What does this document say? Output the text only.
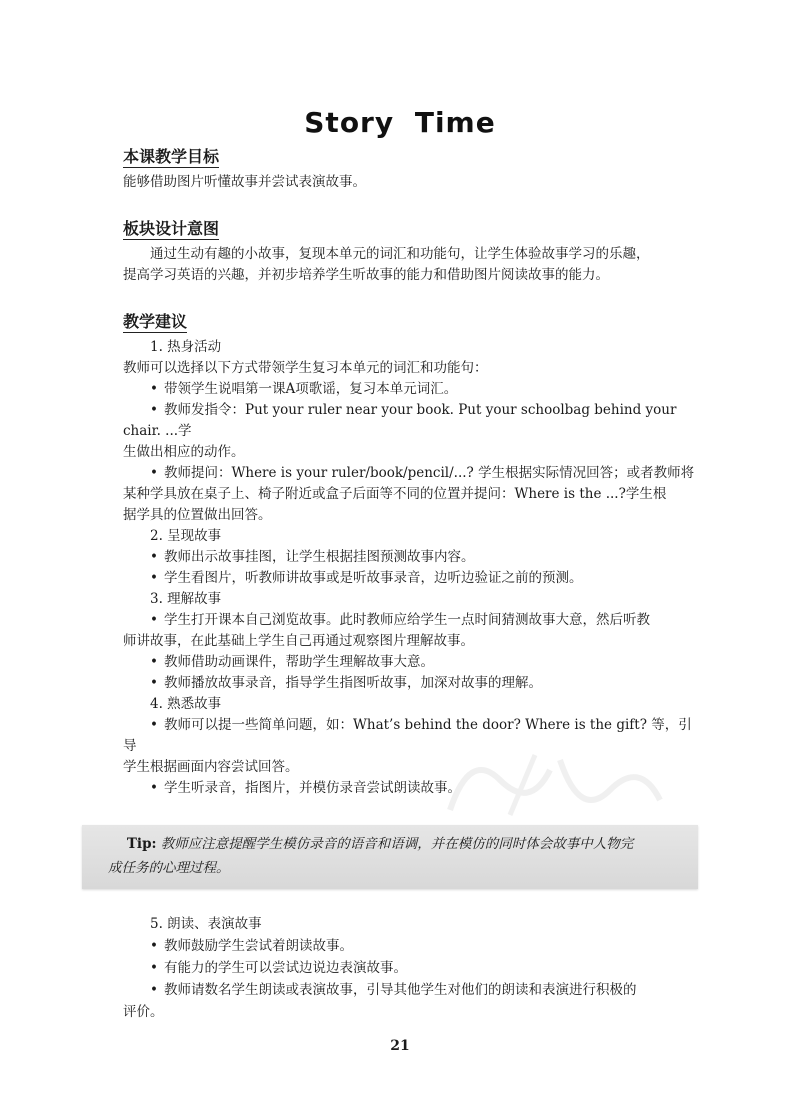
Story Time
本课教学目标

能够借助图片听懂故事并尝试表演故事。

板块设计意图

通过生动有趣的小故事，复现本单元的词汇和功能句，让学生体验故事学习的乐趣，

提高学习英语的兴趣，并初步培养学生听故事的能力和借助图片阅读故事的能力。

教学建议

1. 热身活动

教师可以选择以下方式带领学生复习本单元的词汇和功能句：

• 带领学生说唱第一课A项歌谣，复习本单元词汇。

• 教师发指令：Put your ruler near your book. Put your schoolbag behind your chair. ...学

生做出相应的动作。

• 教师提问：Where is your ruler/book/pencil/...? 学生根据实际情况回答；或者教师将

某种学具放在桌子上、椅子附近或盒子后面等不同的位置并提问：Where is the ...?学生根

据学具的位置做出回答。

2. 呈现故事

• 教师出示故事挂图，让学生根据挂图预测故事内容。

• 学生看图片，听教师讲故事或是听故事录音，边听边验证之前的预测。

3. 理解故事

• 学生打开课本自己浏览故事。此时教师应给学生一点时间猜测故事大意，然后听教

师讲故事，在此基础上学生自己再通过观察图片理解故事。

• 教师借助动画课件，帮助学生理解故事大意。

• 教师播放故事录音，指导学生指图听故事，加深对故事的理解。

4. 熟悉故事

• 教师可以提一些简单问题，如：What’s behind the door? Where is the gift? 等，引导

学生根据画面内容尝试回答。

• 学生听录音，指图片，并模仿录音尝试朗读故事。

Tip: 教师应注意提醒学生模仿录音的语音和语调，并在模仿的同时体会故事中人物完
成任务的心理过程。

5. 朗读、表演故事

• 教师鼓励学生尝试着朗读故事。

• 有能力的学生可以尝试边说边表演故事。

• 教师请数名学生朗读或表演故事，引导其他学生对他们的朗读和表演进行积极的

评价。

21
